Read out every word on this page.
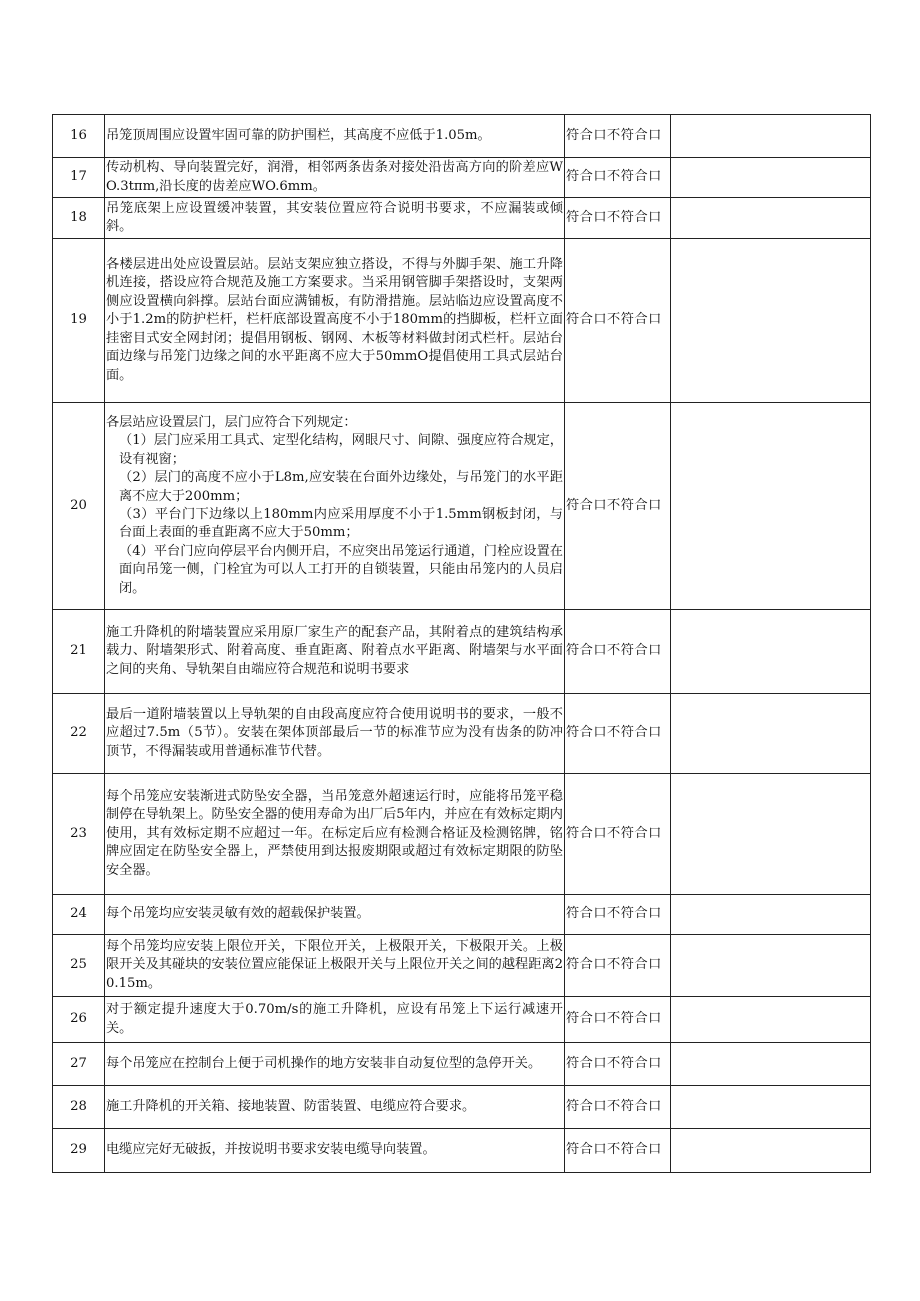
16	吊笼顶周围应设置牢固可靠的防护围栏，其高度不应低于1.05m。	符合口不符合口	
17	传动机构、导向装置完好，润滑，相邻两条齿条对接处沿齿高方向的阶差应WO.3tπm,沿长度的齿差应WO.6mm。	符合口不符合口	
18	吊笼底架上应设置缓冲装置，其安装位置应符合说明书要求，不应漏装或倾斜。	符合口不符合口	
19	各楼层进出处应设置层站。层站支架应独立搭设，不得与外脚手架、施工升降机连接，搭设应符合规范及施工方案要求。当采用钢管脚手架搭设时，支架两侧应设置横向斜撑。层站台面应满铺板，有防滑措施。层站临边应设置高度不小于1.2m的防护栏杆，栏杆底部设置高度不小于180mm的挡脚板，栏杆立面挂密目式安全网封闭；提倡用钢板、钢网、木板等材料做封闭式栏杆。层站台面边缘与吊笼门边缘之间的水平距离不应大于50mmO提倡使用工具式层站台面。	符合口不符合口	
20	各层站应设置层门，层门应符合下列规定：
（1）层门应采用工具式、定型化结构，网眼尺寸、间隙、强度应符合规定，设有视窗；
（2）层门的高度不应小于L8m,应安装在台面外边缘处，与吊笼门的水平距离不应大于200mm；
（3）平台门下边缘以上180mm内应采用厚度不小于1.5mm钢板封闭，与台面上表面的垂直距离不应大于50mm；
（4）平台门应向停层平台内侧开启，不应突出吊笼运行通道，门栓应设置在面向吊笼一侧，门栓宜为可以人工打开的自锁装置，只能由吊笼内的人员启闭。	符合口不符合口	
21	施工升降机的附墙装置应采用原厂家生产的配套产品，其附着点的建筑结构承载力、附墙架形式、附着高度、垂直距离、附着点水平距离、附墙架与水平面之间的夹角、导轨架自由端应符合规范和说明书要求	符合口不符合口	
22	最后一道附墙装置以上导轨架的自由段高度应符合使用说明书的要求，一般不应超过7.5m（5节）。安装在架体顶部最后一节的标准节应为没有齿条的防冲顶节，不得漏装或用普通标准节代替。	符合口不符合口	
23	每个吊笼应安装渐进式防坠安全器，当吊笼意外超速运行时，应能将吊笼平稳制停在导轨架上。防坠安全器的使用寿命为出厂后5年内，并应在有效标定期内使用，其有效标定期不应超过一年。在标定后应有检测合格证及检测铭牌，铭牌应固定在防坠安全器上，严禁使用到达报废期限或超过有效标定期限的防坠安全器。	符合口不符合口	
24	每个吊笼均应安装灵敏有效的超载保护装置。	符合口不符合口	
25	每个吊笼均应安装上限位开关，下限位开关，上极限开关，下极限开关。上极限开关及其碰块的安装位置应能保证上极限开关与上限位开关之间的越程距离20.15m。	符合口不符合口	
26	对于额定提升速度大于0.70m∕s的施工升降机，应设有吊笼上下运行减速开关。	符合口不符合口	
27	每个吊笼应在控制台上便于司机操作的地方安装非自动复位型的急停开关。	符合口不符合口	
28	施工升降机的开关箱、接地装置、防雷装置、电缆应符合要求。	符合口不符合口	
29	电缆应完好无破扳，并按说明书要求安装电缆导向装置。	符合口不符合口	
